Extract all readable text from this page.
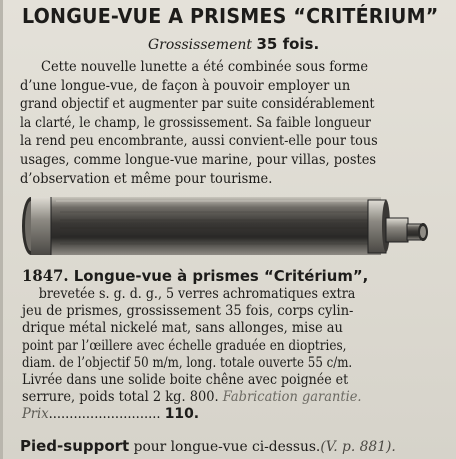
LONGUE-VUE A PRISMES “CRITÉRIUM”
Grossissement 35 fois.
Cette nouvelle lunette a été combinée sous forme
d’une longue-vue, de façon à pouvoir employer un
grand objectif et augmenter par suite considérablement
la clarté, le champ, le grossissement. Sa faible longueur
la rend peu encombrante, aussi convient-elle pour tous
usages, comme longue-vue marine, pour villas, postes
d’observation et même pour tourisme.
1847. Longue-vue à prismes “Critérium”,
brevetée s. g. d. g., 5 verres achromatiques extra
jeu de prismes, grossissement 35 fois, corps cylin-
drique métal nickelé mat, sans allonges, mise au
point par l’œillere avec échelle graduée en dioptries,
diam. de l’objectif 50 m/m, long. totale ouverte 55 c/m.
Livrée dans une solide boite chêne avec poignée et
serrure, poids total 2 kg. 800. Fabrication garantie.
Prix........................... 110.
Pied-support pour longue-vue ci-dessus.(V. p. 881).
